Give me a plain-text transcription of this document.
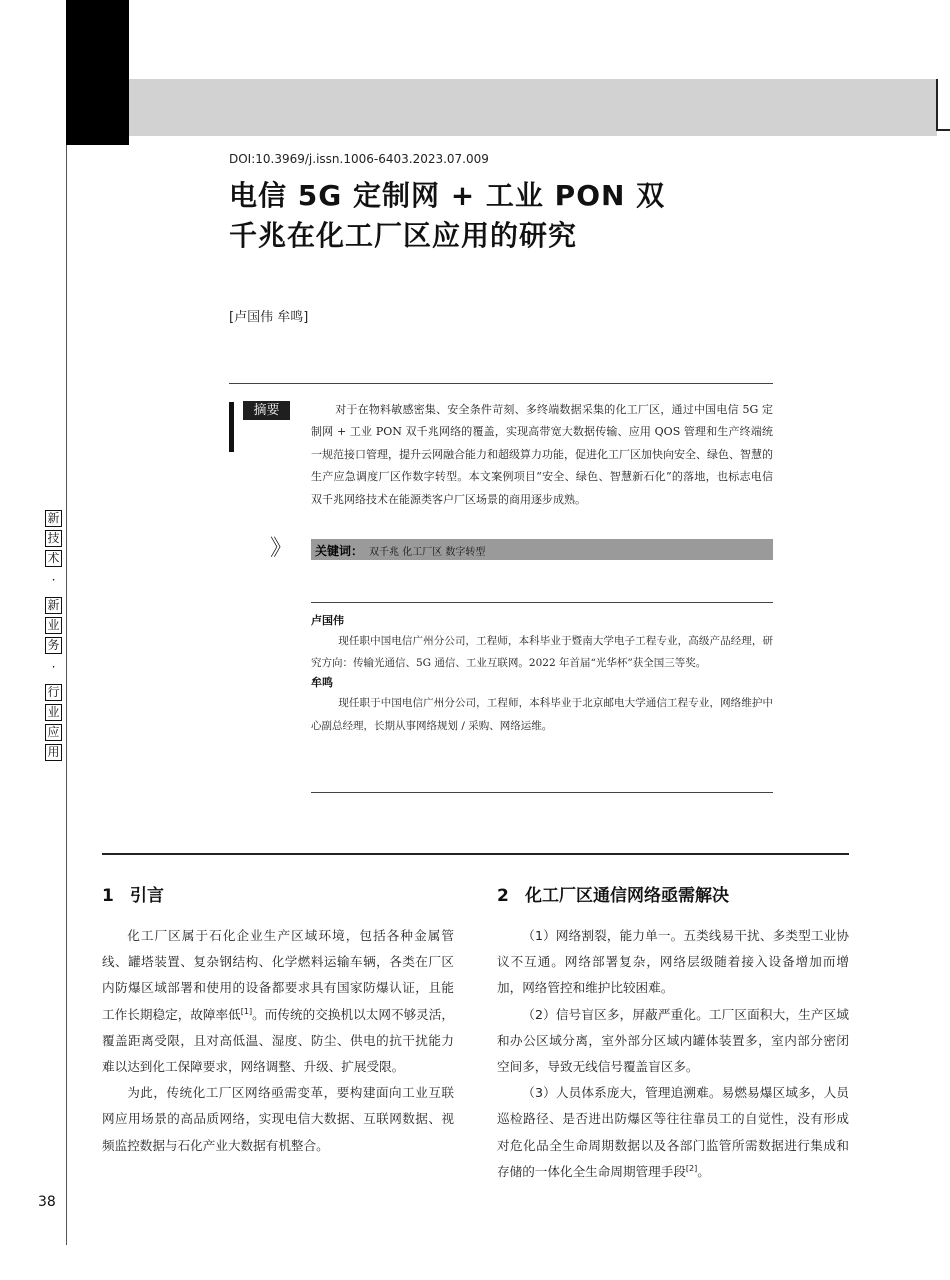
DOI:10.3969/j.issn.1006-6403.2023.07.009
电信 5G 定制网 + 工业 PON 双
千兆在化工厂区应用的研究
[卢国伟 牟鸣]
摘要	对于在物料敏感密集、安全条件苛刻、多终端数据采集的化工厂区，通过中国电信 5G 定制网 + 工业 PON 双千兆网络的覆盖，实现高带宽大数据传输、应用 QOS 管理和生产终端统一规范接口管理，提升云网融合能力和超级算力功能，促进化工厂区加快向安全、绿色、智慧的生产应急调度厂区作数字转型。本文案例项目“安全、绿色、智慧新石化”的落地，也标志电信双千兆网络技术在能源类客户厂区场景的商用逐步成熟。
》	关键词： 双千兆 化工厂区 数字转型
卢国伟
现任职中国电信广州分公司，工程师，本科毕业于暨南大学电子工程专业，高级产品经理，研究方向：传输光通信、5G 通信、工业互联网。2022 年首届“光华杯”获全国三等奖。
牟鸣
现任职于中国电信广州分公司，工程师，本科毕业于北京邮电大学通信工程专业，网络维护中心副总经理，长期从事网络规划 / 采购、网络运维。
新
技
术
·
新
业
务
·
行
业
应
用
1 引言

化工厂区属于石化企业生产区域环境，包括各种金属管线、罐塔装置、复杂钢结构、化学燃料运输车辆，各类在厂区内防爆区域部署和使用的设备都要求具有国家防爆认证，且能工作长期稳定，故障率低[1]。而传统的交换机以太网不够灵活，覆盖距离受限，且对高低温、湿度、防尘、供电的抗干扰能力难以达到化工保障要求，网络调整、升级、扩展受限。

为此，传统化工厂区网络亟需变革，要构建面向工业互联网应用场景的高品质网络，实现电信大数据、互联网数据、视频监控数据与石化产业大数据有机整合。

2 化工厂区通信网络亟需解决

（1）网络割裂，能力单一。五类线易干扰、多类型工业协议不互通。网络部署复杂，网络层级随着接入设备增加而增加，网络管控和维护比较困难。

（2）信号盲区多，屏蔽严重化。工厂区面积大，生产区域和办公区域分离，室外部分区域内罐体装置多，室内部分密闭空间多，导致无线信号覆盖盲区多。

（3）人员体系庞大，管理追溯难。易燃易爆区域多，人员巡检路径、是否进出防爆区等往往靠员工的自觉性，没有形成对危化品全生命周期数据以及各部门监管所需数据进行集成和存储的一体化全生命周期管理手段[2]。

38
